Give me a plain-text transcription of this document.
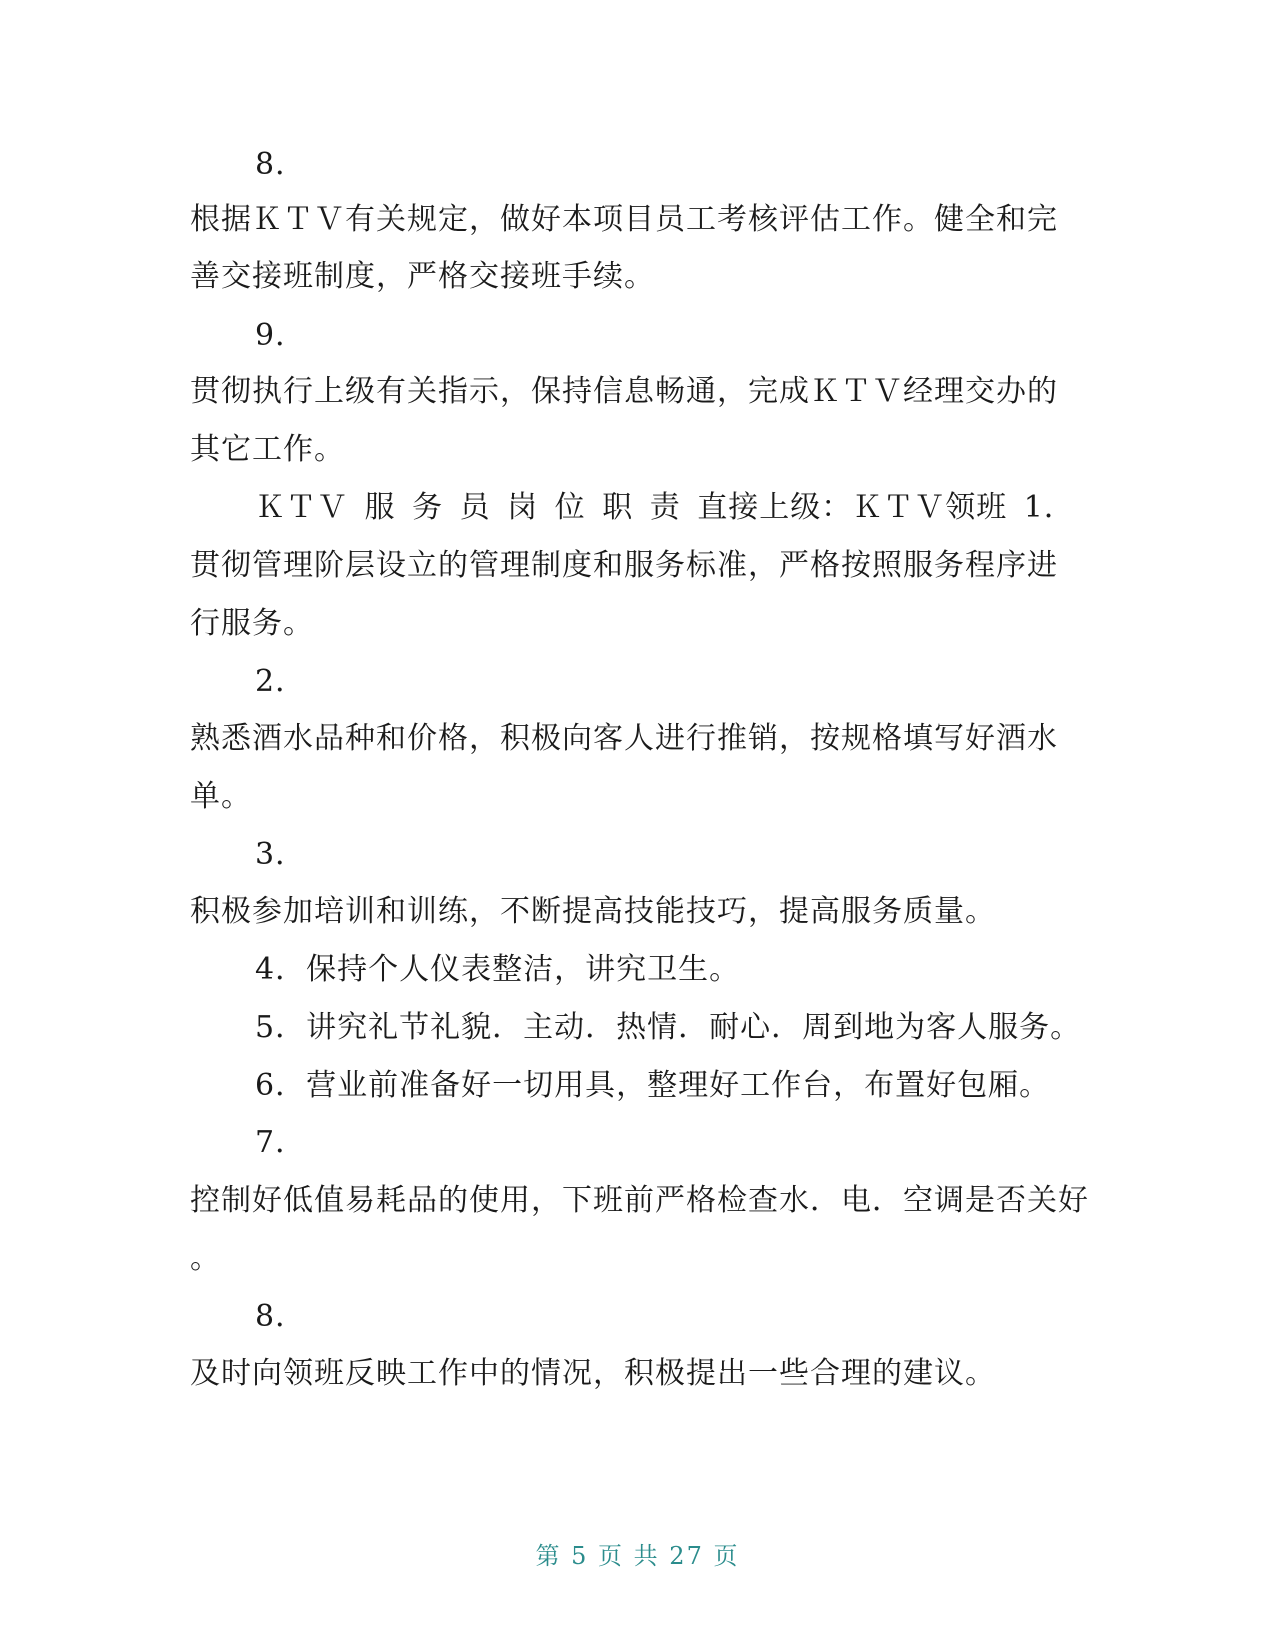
8．
根据ＫＴＶ有关规定，做好本项目员工考核评估工作。健全和完
善交接班制度，严格交接班手续。
9．
贯彻执行上级有关指示，保持信息畅通，完成ＫＴＶ经理交办的
其它工作。
ＫＴＶ 服 务 员 岗 位 职 责 直接上级：ＫＴＶ领班 1．
贯彻管理阶层设立的管理制度和服务标准，严格按照服务程序进
行服务。
2．
熟悉酒水品种和价格，积极向客人进行推销，按规格填写好酒水
单。
3．
积极参加培训和训练，不断提高技能技巧，提高服务质量。
4．保持个人仪表整洁，讲究卫生。
5．讲究礼节礼貌．主动．热情．耐心．周到地为客人服务。
6．营业前准备好一切用具，整理好工作台，布置好包厢。
7．
控制好低值易耗品的使用，下班前严格检查水．电．空调是否关好
。
8．
及时向领班反映工作中的情况，积极提出一些合理的建议。
第 5 页 共 27 页
